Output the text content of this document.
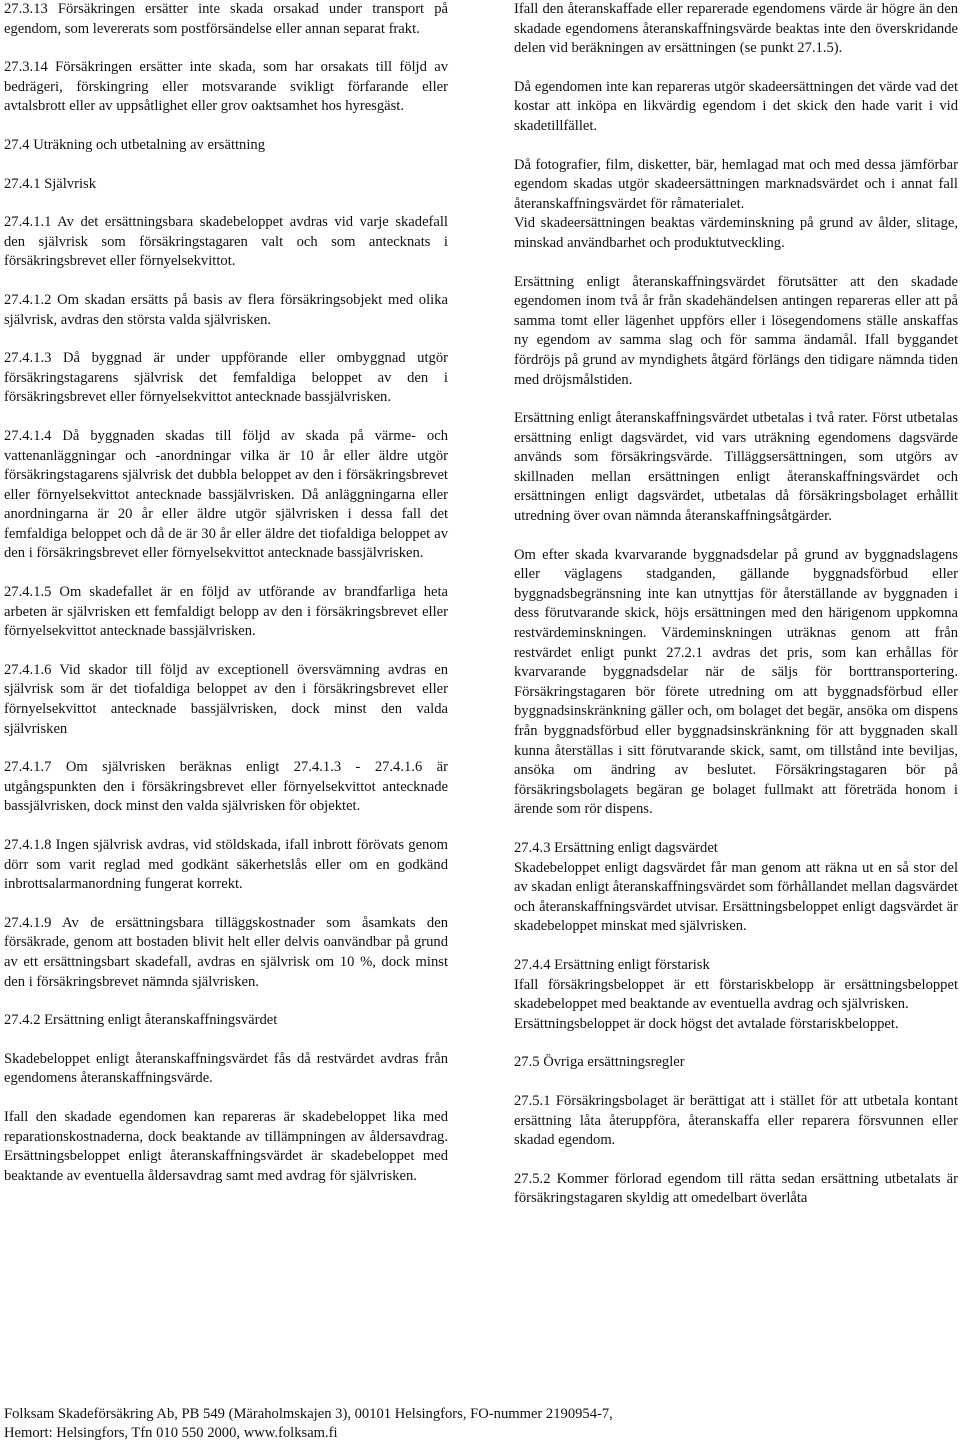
27.3.13 Försäkringen ersätter inte skada orsakad under transport på egendom, som levererats som postförsändelse eller annan separat frakt.

27.3.14 Försäkringen ersätter inte skada, som har orsakats till följd av bedrägeri, förskingring eller motsvarande svikligt förfarande eller avtalsbrott eller av uppsåtlighet eller grov oaktsamhet hos hyresgäst.

27.4 Uträkning och utbetalning av ersättning

27.4.1 Självrisk

27.4.1.1 Av det ersättningsbara skadebeloppet avdras vid varje skadefall den självrisk som försäkringstagaren valt och som antecknats i försäkringsbrevet eller förnyelsekvittot.

27.4.1.2 Om skadan ersätts på basis av flera försäkringsobjekt med olika självrisk, avdras den största valda självrisken.

27.4.1.3 Då byggnad är under uppförande eller ombyggnad utgör försäkringstagarens självrisk det femfaldiga beloppet av den i försäkringsbrevet eller förnyelsekvittot antecknade bassjälvrisken.

27.4.1.4 Då byggnaden skadas till följd av skada på värme- och vattenanläggningar och -anordningar vilka är 10 år eller äldre utgör försäkringstagarens självrisk det dubbla beloppet av den i försäkringsbrevet eller förnyelsekvittot antecknade bassjälvrisken. Då anläggningarna eller anordningarna är 20 år eller äldre utgör självrisken i dessa fall det femfaldiga beloppet och då de är 30 år eller äldre det tiofaldiga beloppet av den i försäkringsbrevet eller förnyelsekvittot antecknade bassjälvrisken.

27.4.1.5 Om skadefallet är en följd av utförande av brandfarliga heta arbeten är självrisken ett femfaldigt belopp av den i försäkringsbrevet eller förnyelsekvittot antecknade bassjälvrisken.

27.4.1.6 Vid skador till följd av exceptionell översvämning avdras en självrisk som är det tiofaldiga beloppet av den i försäkringsbrevet eller förnyelsekvittot antecknade bassjälvrisken, dock minst den valda självrisken

27.4.1.7 Om självrisken beräknas enligt 27.4.1.3 - 27.4.1.6 är utgångspunkten den i försäkringsbrevet eller förnyelsekvittot antecknade bassjälvrisken, dock minst den valda självrisken för objektet.

27.4.1.8 Ingen självrisk avdras, vid stöldskada, ifall inbrott förövats genom dörr som varit reglad med godkänt säkerhetslås eller om en godkänd inbrottsalarmanordning fungerat korrekt.

27.4.1.9 Av de ersättningsbara tilläggskostnader som åsamkats den försäkrade, genom att bostaden blivit helt eller delvis oanvändbar på grund av ett ersättningsbart skadefall, avdras en självrisk om 10 %, dock minst den i försäkringsbrevet nämnda självrisken.

27.4.2 Ersättning enligt återanskaffningsvärdet

Skadebeloppet enligt återanskaffningsvärdet fås då restvärdet avdras från egendomens återanskaffningsvärde.

Ifall den skadade egendomen kan repareras är skadebeloppet lika med reparationskostnaderna, dock beaktande av tillämpningen av åldersavdrag. Ersättningsbeloppet enligt återanskaffningsvärdet är skadebeloppet med beaktande av eventuella åldersavdrag samt med avdrag för självrisken.

Ifall den återanskaffade eller reparerade egendomens värde är högre än den skadade egendomens återanskaffningsvärde beaktas inte den överskridande delen vid beräkningen av ersättningen (se punkt 27.1.5).

Då egendomen inte kan repareras utgör skadeersättningen det värde vad det kostar att inköpa en likvärdig egendom i det skick den hade varit i vid skadetillfället.

Då fotografier, film, disketter, bär, hemlagad mat och med dessa jämförbar egendom skadas utgör skadeersättningen marknadsvärdet och i annat fall återanskaffningsvärdet för råmaterialet.

Vid skadeersättningen beaktas värdeminskning på grund av ålder, slitage, minskad användbarhet och produktutveckling.

Ersättning enligt återanskaffningsvärdet förutsätter att den skadade egendomen inom två år från skadehändelsen antingen repareras eller att på samma tomt eller lägenhet uppförs eller i lösegendomens ställe anskaffas ny egendom av samma slag och för samma ändamål. Ifall byggandet fördröjs på grund av myndighets åtgärd förlängs den tidigare nämnda tiden med dröjsmålstiden.

Ersättning enligt återanskaffningsvärdet utbetalas i två rater. Först utbetalas ersättning enligt dagsvärdet, vid vars uträkning egendomens dagsvärde används som försäkringsvärde. Tilläggsersättningen, som utgörs av skillnaden mellan ersättningen enligt återanskaffningsvärdet och ersättningen enligt dagsvärdet, utbetalas då försäkringsbolaget erhållit utredning över ovan nämnda återanskaffningsåtgärder.

Om efter skada kvarvarande byggnadsdelar på grund av byggnadslagens eller väglagens stadganden, gällande byggnadsförbud eller byggnadsbegränsning inte kan utnyttjas för återställande av byggnaden i dess förutvarande skick, höjs ersättningen med den härigenom uppkomna restvärdeminskningen. Värdeminskningen uträknas genom att från restvärdet enligt punkt 27.2.1 avdras det pris, som kan erhållas för kvarvarande byggnadsdelar när de säljs för borttransportering. Försäkringstagaren bör förete utredning om att byggnadsförbud eller byggnadsinskränkning gäller och, om bolaget det begär, ansöka om dispens från byggnadsförbud eller byggnadsinskränkning för att byggnaden skall kunna återställas i sitt förutvarande skick, samt, om tillstånd inte beviljas, ansöka om ändring av beslutet. Försäkringstagaren bör på försäkringsbolagets begäran ge bolaget fullmakt att företräda honom i ärende som rör dispens.

27.4.3 Ersättning enligt dagsvärdet

Skadebeloppet enligt dagsvärdet får man genom att räkna ut en så stor del av skadan enligt återanskaffningsvärdet som förhållandet mellan dagsvärdet och återanskaffningsvärdet utvisar. Ersättningsbeloppet enligt dagsvärdet är skadebeloppet minskat med självrisken.

27.4.4 Ersättning enligt förstarisk

Ifall försäkringsbeloppet är ett förstariskbelopp är ersättningsbeloppet skadebeloppet med beaktande av eventuella avdrag och självrisken.

Ersättningsbeloppet är dock högst det avtalade förstariskbeloppet.

27.5 Övriga ersättningsregler

27.5.1 Försäkringsbolaget är berättigat att i stället för att utbetala kontant ersättning låta återuppföra, återanskaffa eller reparera försvunnen eller skadad egendom.

27.5.2 Kommer förlorad egendom till rätta sedan ersättning utbetalats är försäkringstagaren skyldig att omedelbart överlåta

Folksam Skadeförsäkring Ab, PB 549 (Märaholmskajen 3), 00101 Helsingfors, FO-nummer 2190954-7,
Hemort: Helsingfors, Tfn 010 550 2000, www.folksam.fi
